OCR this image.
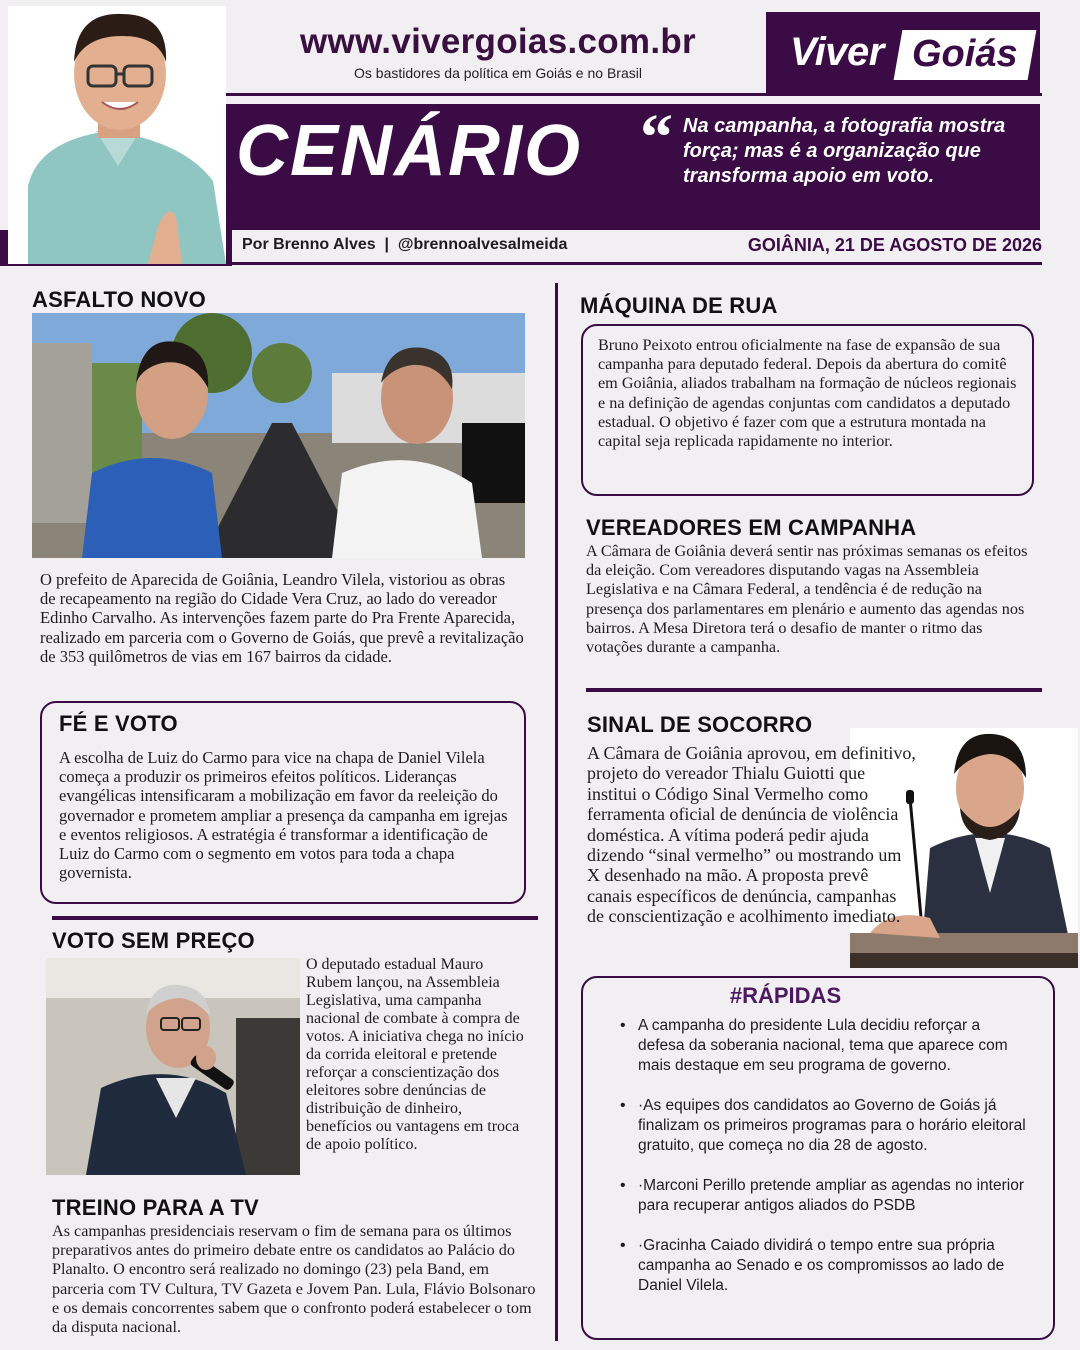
www.vivergoias.com.br
Os bastidores da política em Goiás e no Brasil	Viver Goiás
CENÁRIO “ Na campanha, a fotografia mostra força; mas é a organização que transforma apoio em voto.
Por Brenno Alves  |  @brennoalvesalmeida	GOIÂNIA, 21 DE AGOSTO DE 2026
ASFALTO NOVO
O prefeito de Aparecida de Goiânia, Leandro Vilela, vistoriou as obras de recapeamento na região do Cidade Vera Cruz, ao lado do vereador Edinho Carvalho. As intervenções fazem parte do Pra Frente Aparecida, realizado em parceria com o Governo de Goiás, que prevê a revitalização de 353 quilômetros de vias em 167 bairros da cidade.
FÉ E VOTO
A escolha de Luiz do Carmo para vice na chapa de Daniel Vilela começa a produzir os primeiros efeitos políticos. Lideranças evangélicas intensificaram a mobilização em favor da reeleição do governador e prometem ampliar a presença da campanha em igrejas e eventos religiosos. A estratégia é transformar a identificação de Luiz do Carmo com o segmento em votos para toda a chapa governista.
VOTO SEM PREÇO
O deputado estadual Mauro Rubem lançou, na Assembleia Legislativa, uma campanha nacional de combate à compra de votos. A iniciativa chega no início da corrida eleitoral e pretende reforçar a conscientização dos eleitores sobre denúncias de distribuição de dinheiro, benefícios ou vantagens em troca de apoio político.
TREINO PARA A TV
As campanhas presidenciais reservam o fim de semana para os últimos preparativos antes do primeiro debate entre os candidatos ao Palácio do Planalto. O encontro será realizado no domingo (23) pela Band, em parceria com TV Cultura, TV Gazeta e Jovem Pan. Lula, Flávio Bolsonaro e os demais concorrentes sabem que o confronto poderá estabelecer o tom da disputa nacional.
MÁQUINA DE RUA
Bruno Peixoto entrou oficialmente na fase de expansão de sua campanha para deputado federal. Depois da abertura do comitê em Goiânia, aliados trabalham na formação de núcleos regionais e na definição de agendas conjuntas com candidatos a deputado estadual. O objetivo é fazer com que a estrutura montada na capital seja replicada rapidamente no interior.
VEREADORES EM CAMPANHA
A Câmara de Goiânia deverá sentir nas próximas semanas os efeitos da eleição. Com vereadores disputando vagas na Assembleia Legislativa e na Câmara Federal, a tendência é de redução na presença dos parlamentares em plenário e aumento das agendas nos bairros. A Mesa Diretora terá o desafio de manter o ritmo das votações durante a campanha.
SINAL DE SOCORRO
A Câmara de Goiânia aprovou, em definitivo, projeto do vereador Thialu Guiotti que institui o Código Sinal Vermelho como ferramenta oficial de denúncia de violência doméstica. A vítima poderá pedir ajuda dizendo “sinal vermelho” ou mostrando um X desenhado na mão. A proposta prevê canais específicos de denúncia, campanhas de conscientização e acolhimento imediato.
#RÁPIDAS
• A campanha do presidente Lula decidiu reforçar a defesa da soberania nacional, tema que aparece com mais destaque em seu programa de governo.
• ·As equipes dos candidatos ao Governo de Goiás já finalizam os primeiros programas para o horário eleitoral gratuito, que começa no dia 28 de agosto.
• ·Marconi Perillo pretende ampliar as agendas no interior para recuperar antigos aliados do PSDB
• ·Gracinha Caiado dividirá o tempo entre sua própria campanha ao Senado e os compromissos ao lado de Daniel Vilela.
